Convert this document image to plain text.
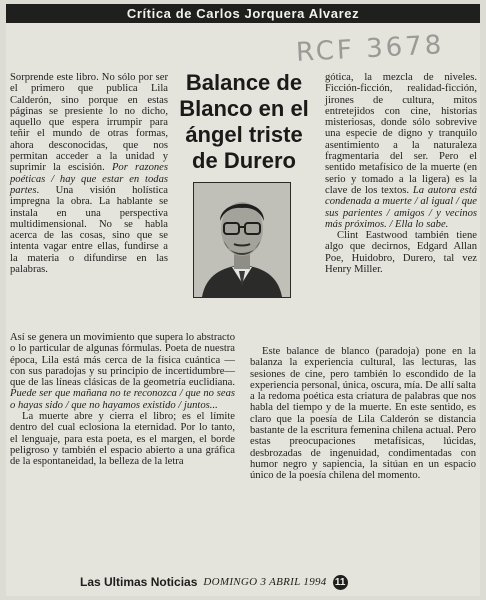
Crítica de Carlos Jorquera Alvarez
RCF 3678
Balance de
Blanco en el
ángel triste
de Durero

Sorprende este libro. No sólo por ser el primero que publica Lila Calderón, sino porque en estas páginas se presiente lo no dicho, aquello que espera irrumpir para teñir el mundo de otras formas, ahora desconocidas, que nos permitan acceder a la unidad y suprimir la escisión. Por razones poéticas / hay que estar en todas partes. Una visión holística impregna la obra. La hablante se instala en una perspectiva multidimensional. No se habla acerca de las cosas, sino que se intenta vagar entre ellas, fundirse a la materia o difundirse en las palabras.

Así se genera un movimiento que supera lo abstracto o lo particular de algunas fórmulas. Poeta de nuestra época, Lila está más cerca de la física cuántica —con sus paradojas y su principio de incertidumbre— que de las líneas clásicas de la geometría euclidiana. Puede ser que mañana no te reconozca / que no seas o hayas sido / que no hayamos existido / juntos...

La muerte abre y cierra el libro; es el límite dentro del cual eclosiona la eternidad. Por lo tanto, el lenguaje, para esta poeta, es el margen, el borde peligroso y también el espacio abierto a una gráfica de la espontaneidad, la belleza de la letra

gótica, la mezcla de niveles. Ficción-ficción, realidad-ficción, jirones de cultura, mitos entretejidos con cine, historias misteriosas, donde sólo sobrevive una especie de digno y tranquilo asentimiento a la naturaleza fragmentaria del ser. Pero el sentido metafísico de la muerte (en serio y tomado a la ligera) es la clave de los textos. La autora está condenada a muerte / al igual / que sus parientes / amigos / y vecinos más próximos. / Ella lo sabe.

Clint Eastwood también tiene algo que decirnos, Edgard Allan Poe, Huidobro, Durero, tal vez Henry Miller.

Este balance de blanco (paradoja) pone en la balanza la experiencia cultural, las lecturas, las sesiones de cine, pero también lo escondido de la experiencia personal, única, oscura, mía. De allí salta a la redoma poética esta criatura de palabras que nos habla del tiempo y de la muerte. En este sentido, es claro que la poesía de Lila Calderón se distancia bastante de la escritura femenina chilena actual. Pero estas preocupaciones metafísicas, lúcidas, desbrozadas de ingenuidad, condimentadas con humor negro y sapiencia, la sitúan en un espacio único de la poesía chilena del momento.

Las Ultimas Noticias DOMINGO 3 ABRIL 1994 11
